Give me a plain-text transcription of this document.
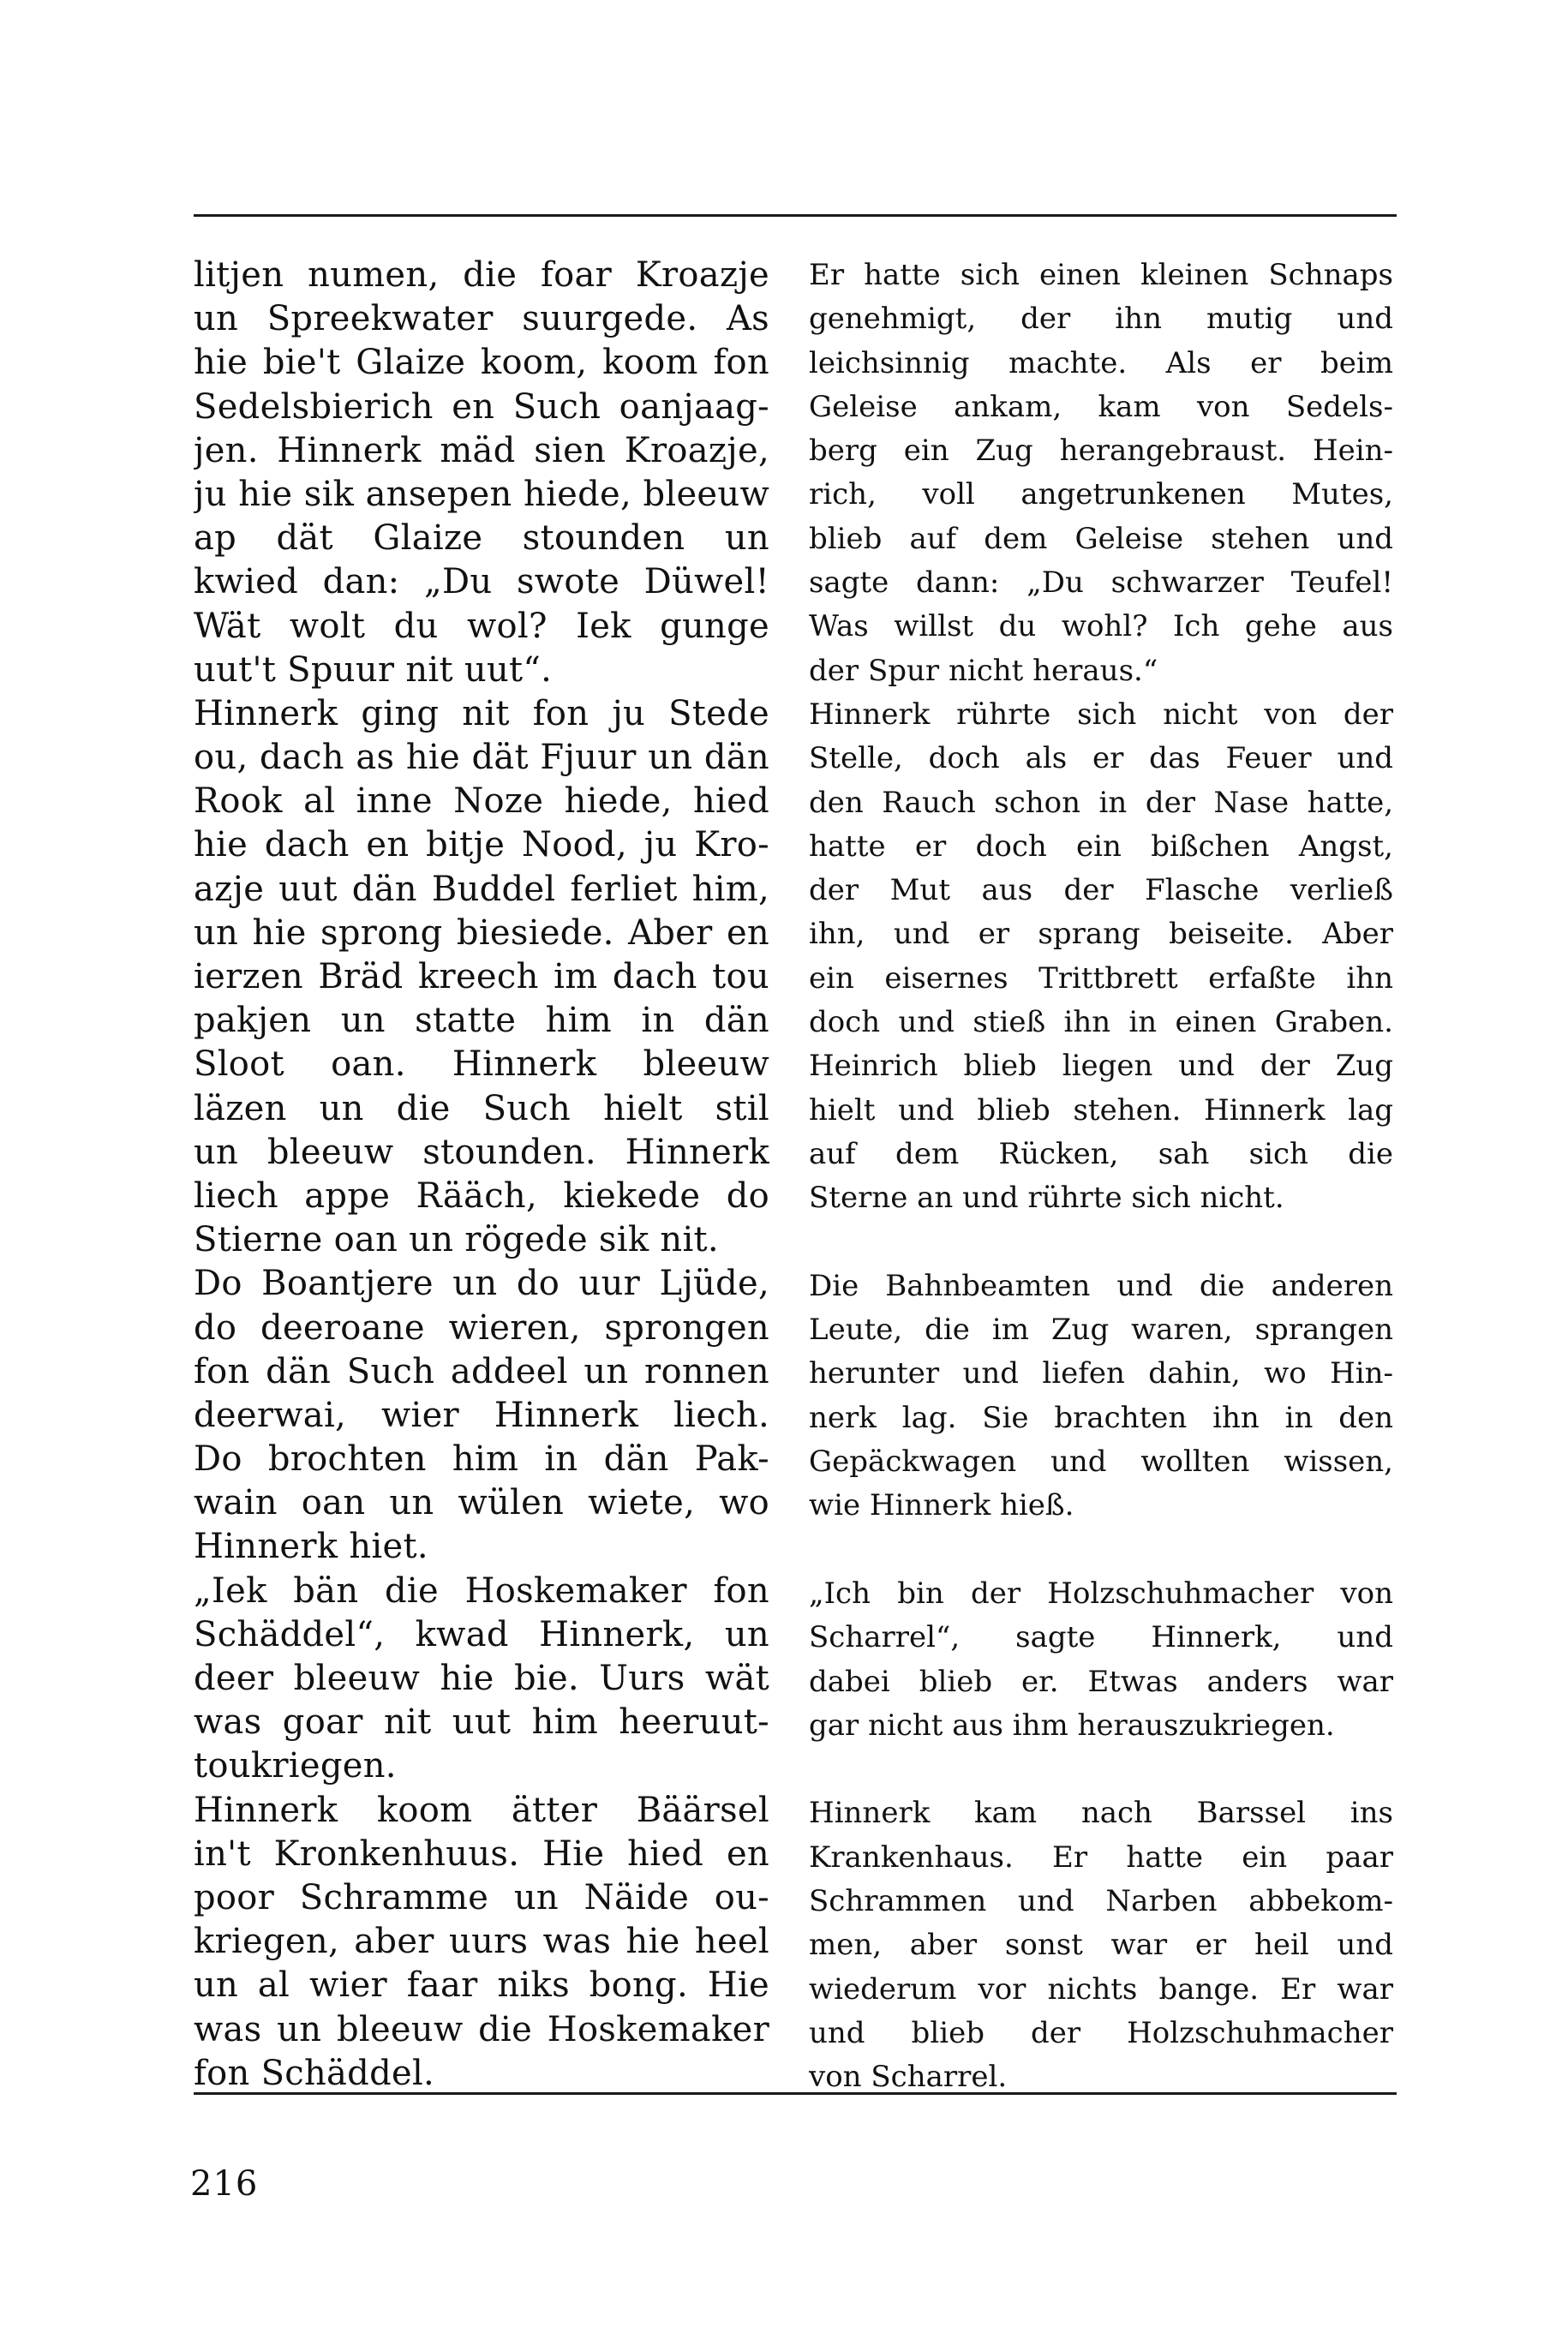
litjen numen, die foar Kroazje
un Spreekwater suurgede. As
hie bie't Glaize koom, koom fon
Sedelsbierich en Such oanjaag-
jen. Hinnerk mäd sien Kroazje,
ju hie sik ansepen hiede, bleeuw
ap dät Glaize stounden un
kwied dan: „Du swote Düwel!
Wät wolt du wol? Iek gunge
uut't Spuur nit uut“.
Hinnerk ging nit fon ju Stede
ou, dach as hie dät Fjuur un dän
Rook al inne Noze hiede, hied
hie dach en bitje Nood, ju Kro-
azje uut dän Buddel ferliet him,
un hie sprong biesiede. Aber en
ierzen Bräd kreech im dach tou
pakjen un statte him in dän
Sloot oan. Hinnerk bleeuw
läzen un die Such hielt stil
un bleeuw stounden. Hinnerk
liech appe Rääch, kiekede do
Stierne oan un rögede sik nit.
Do Boantjere un do uur Ljüde,
do deeroane wieren, sprongen
fon dän Such addeel un ronnen
deerwai, wier Hinnerk liech.
Do brochten him in dän Pak-
wain oan un wülen wiete, wo
Hinnerk hiet.
„Iek bän die Hoskemaker fon
Schäddel“, kwad Hinnerk, un
deer bleeuw hie bie. Uurs wät
was goar nit uut him heeruut-
toukriegen.
Hinnerk koom ätter Bäärsel
in't Kronkenhuus. Hie hied en
poor Schramme un Näide ou-
kriegen, aber uurs was hie heel
un al wier faar niks bong. Hie
was un bleeuw die Hoskemaker
fon Schäddel.
Er hatte sich einen kleinen Schnaps
genehmigt, der ihn mutig und
leichsinnig machte. Als er beim
Geleise ankam, kam von Sedels-
berg ein Zug herangebraust. Hein-
rich, voll angetrunkenen Mutes,
blieb auf dem Geleise stehen und
sagte dann: „Du schwarzer Teufel!
Was willst du wohl? Ich gehe aus
der Spur nicht heraus.“
Hinnerk rührte sich nicht von der
Stelle, doch als er das Feuer und
den Rauch schon in der Nase hatte,
hatte er doch ein bißchen Angst,
der Mut aus der Flasche verließ
ihn, und er sprang beiseite. Aber
ein eisernes Trittbrett erfaßte ihn
doch und stieß ihn in einen Graben.
Heinrich blieb liegen und der Zug
hielt und blieb stehen. Hinnerk lag
auf dem Rücken, sah sich die
Sterne an und rührte sich nicht.
Die Bahnbeamten und die anderen
Leute, die im Zug waren, sprangen
herunter und liefen dahin, wo Hin-
nerk lag. Sie brachten ihn in den
Gepäckwagen und wollten wissen,
wie Hinnerk hieß.
„Ich bin der Holzschuhmacher von
Scharrel“, sagte Hinnerk, und
dabei blieb er. Etwas anders war
gar nicht aus ihm herauszukriegen.
Hinnerk kam nach Barssel ins
Krankenhaus. Er hatte ein paar
Schrammen und Narben abbekom-
men, aber sonst war er heil und
wiederum vor nichts bange. Er war
und blieb der Holzschuhmacher
von Scharrel.
216
